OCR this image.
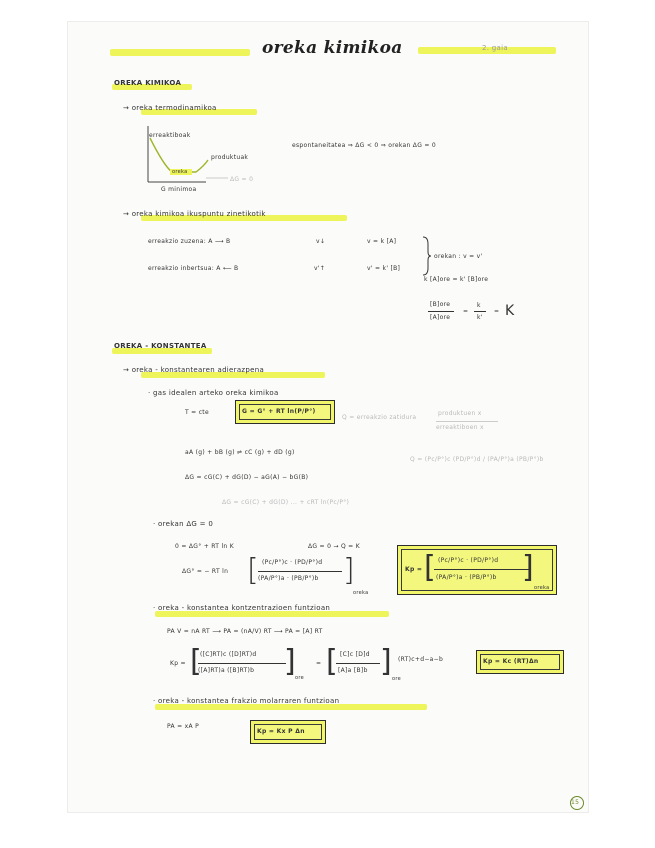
oreka kimikoa	2. gaia
OREKA KIMIKOA
→ oreka termodinamikoa
erreaktiboak
produktuak
oreka
ΔG = 0
G minimoa
espontaneitatea ⇒ ΔG < 0 ⇒ orekan ΔG = 0
→ oreka kimikoa ikuspuntu zinetikotik
erreakzio zuzena: A ⟶ B	v↓	v = k [A]
erreakzio inbertsua: A ⟵ B	v'↑	v' = k' [B]
orekan : v = v'
k [A]ore = k' [B]ore
[B]ore
[A]ore
=
k
k'
= K
OREKA - KONSTANTEA
→ oreka - konstantearen adierazpena
· gas idealen arteko oreka kimikoa
T = cte	G = G° + RT ln(P/P°)
Q = erreakzio zatidura
produktuen x
erreaktiboen x
aA (g) + bB (g) ⇌ cC (g) + dD (g)
Q = (Pc/P°)c (PD/P°)d / (PA/P°)a (PB/P°)b
ΔG = cG(C) + dG(D) − aG(A) − bG(B)
ΔG = cG(C) + dG(D) ... + cRT ln(Pc/P°)
· orekan ΔG = 0
0 = ΔG° + RT ln K	ΔG = 0 → Q = K
ΔG° = − RT ln [ (Pc/P°)c · (PD/P°)d
(PA/P°)a · (PB/P°)b ]
oreka
Kp = [ (Pc/P°)c · (PD/P°)d
(PA/P°)a · (PB/P°)b ]
oreka
· oreka - konstantea kontzentrazioen funtzioan
PA V = nA RT ⟶ PA = (nA/V) RT ⟶ PA = [A] RT
Kp = [
([C]RT)c ([D]RT)d
([A]RT)a ([B]RT)b ]
ore
= [ [C]c [D]d
[A]a [B]b ] (RT)c+d−a−b
ore
Kp = Kc (RT)Δn
· oreka - konstantea frakzio molarraren funtzioan
PA = xA P
Kp = Kx P Δn
15
